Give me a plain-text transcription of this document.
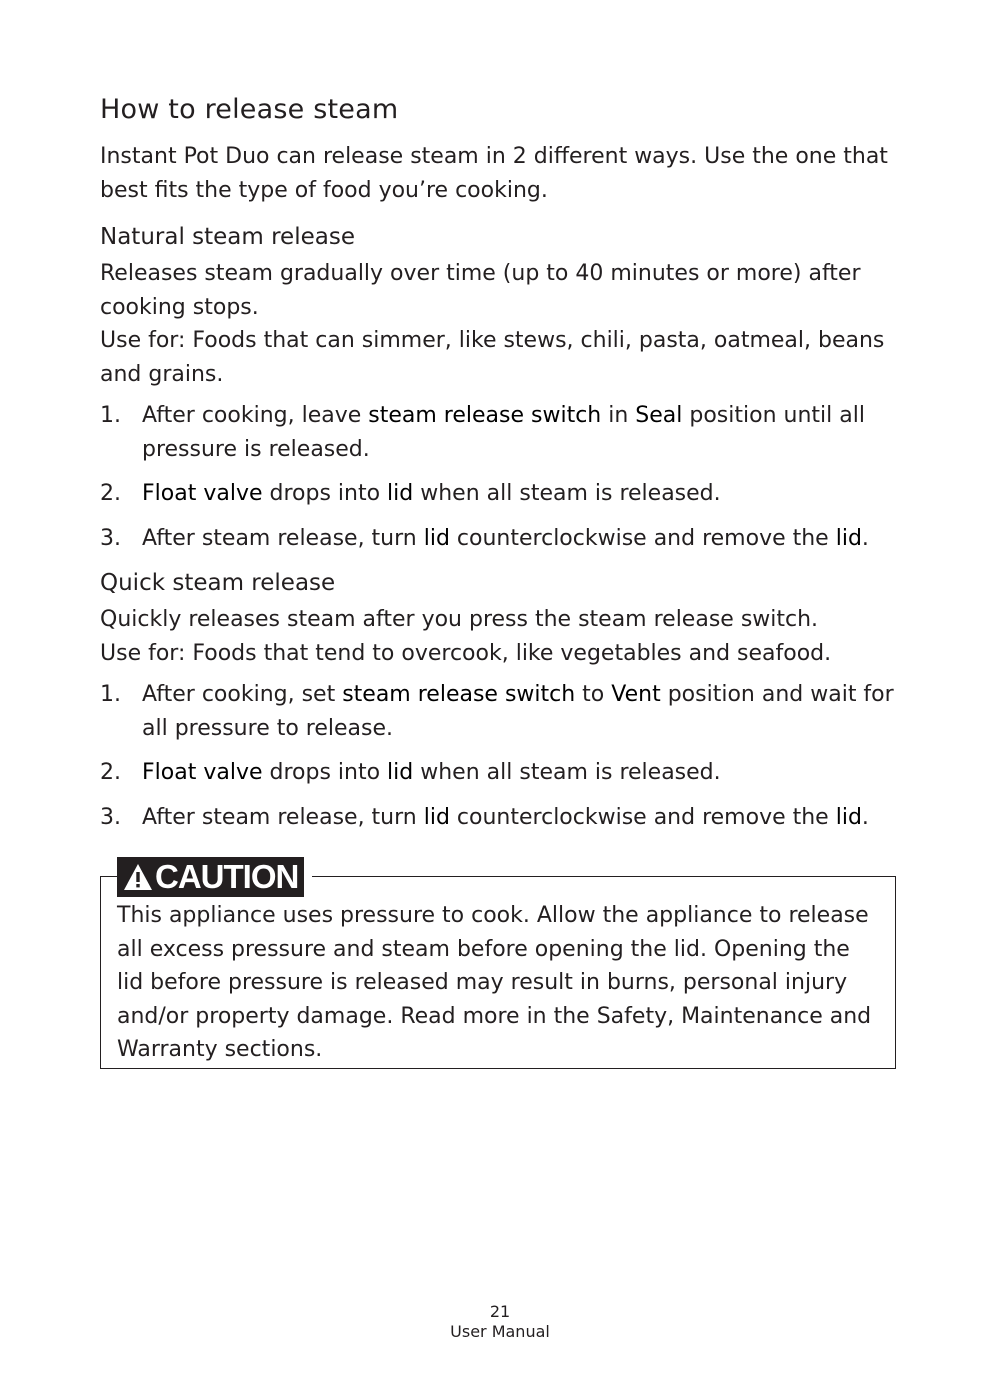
How to release steam

Instant Pot Duo can release steam in 2 different ways. Use the one that best fits the type of food you’re cooking.

Natural steam release

Releases steam gradually over time (up to 40 minutes or more) after cooking stops.

Use for: Foods that can simmer, like stews, chili, pasta, oatmeal, beans and grains.

1. After cooking, leave steam release switch in Seal position until all pressure is released.
2. Float valve drops into lid when all steam is released.
3. After steam release, turn lid counterclockwise and remove the lid.
Quick steam release

Quickly releases steam after you press the steam release switch.

Use for: Foods that tend to overcook, like vegetables and seafood.

1. After cooking, set steam release switch to Vent position and wait for all pressure to release.
2. Float valve drops into lid when all steam is released.
3. After steam release, turn lid counterclockwise and remove the lid.
CAUTION
This appliance uses pressure to cook. Allow the appliance to release all excess pressure and steam before opening the lid. Opening the lid before pressure is released may result in burns, personal injury and/or property damage. Read more in the Safety, Maintenance and Warranty sections.
21
User Manual
